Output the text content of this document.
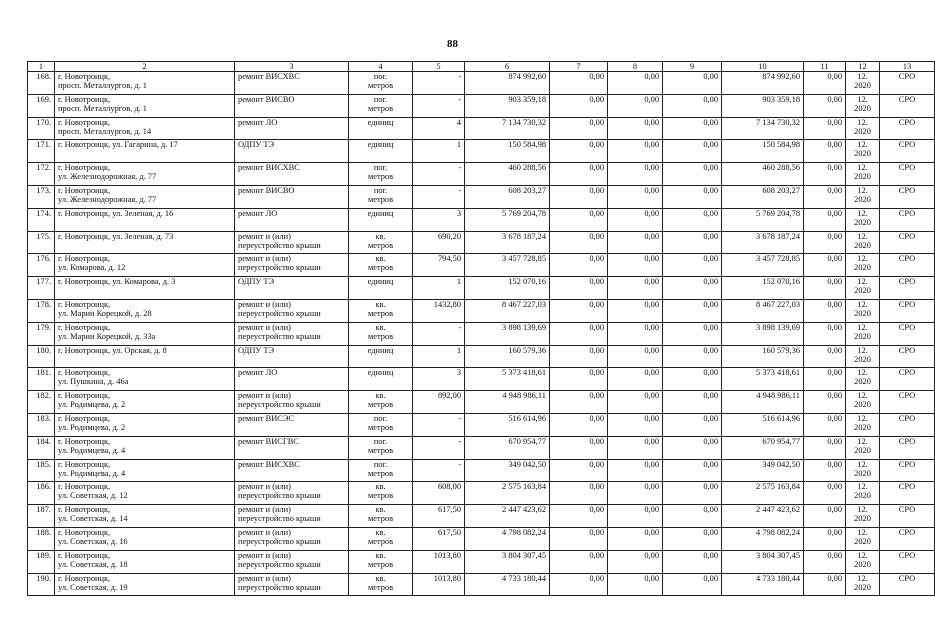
88
1	2	3	4	5	6	7	8	9	10	11	12	13
168.	г. Новотроицк,
просп. Металлургов, д. 1	ремонт ВИСХВС	пог.
метров	-	874 992,60	0,00	0,00	0,00	874 992,60	0,00	12.
2020	СРО
169.	г. Новотроицк,
просп. Металлургов, д. 1	ремонт ВИСВО	пог.
метров	-	903 359,18	0,00	0,00	0,00	903 359,18	0,00	12.
2020	СРО
170.	г. Новотроицк,
просп. Металлургов, д. 14	ремонт ЛО	единиц	4	7 134 730,32	0,00	0,00	0,00	7 134 730,32	0,00	12.
2020	СРО
171.	г. Новотроицк, ул. Гагарина, д. 17	ОДПУ ТЭ	единиц	1	150 584,98	0,00	0,00	0,00	150 584,98	0,00	12.
2020	СРО
172.	г. Новотроицк,
ул. Железнодорожная, д. 77	ремонт ВИСХВС	пог.
метров	-	460 288,56	0,00	0,00	0,00	460 288,56	0,00	12.
2020	СРО
173.	г. Новотроицк,
ул. Железнодорожная, д. 77	ремонт ВИСВО	пог.
метров	-	608 203,27	0,00	0,00	0,00	608 203,27	0,00	12.
2020	СРО
174.	г. Новотроицк, ул. Зеленая, д. 16	ремонт ЛО	единиц	3	5 769 204,78	0,00	0,00	0,00	5 769 204,78	0,00	12.
2020	СРО
175.	г. Новотроицк, ул. Зеленая, д. 73	ремонт и (или)
переустройство крыши	кв.
метров	690,20	3 678 187,24	0,00	0,00	0,00	3 678 187,24	0,00	12.
2020	СРО
176.	г. Новотроицк,
ул. Комарова, д. 12	ремонт и (или)
переустройство крыши	кв.
метров	794,50	3 457 728,85	0,00	0,00	0,00	3 457 728,85	0,00	12.
2020	СРО
177.	г. Новотроицк, ул. Комарова, д. 3	ОДПУ ТЭ	единиц	1	152 070,16	0,00	0,00	0,00	152 070,16	0,00	12.
2020	СРО
178.	г. Новотроицк,
ул. Марии Корецкой, д. 28	ремонт и (или)
переустройство крыши	кв.
метров	1432,80	8 467 227,03	0,00	0,00	0,00	8 467 227,03	0,00	12.
2020	СРО
179.	г. Новотроицк,
ул. Марии Корецкой, д. 33а	ремонт и (или)
переустройство крыши	кв.
метров	-	3 898 139,69	0,00	0,00	0,00	3 898 139,69	0,00	12.
2020	СРО
180.	г. Новотроицк, ул. Орская, д. 8	ОДПУ ТЭ	единиц	1	160 579,36	0,00	0,00	0,00	160 579,36	0,00	12.
2020	СРО
181.	г. Новотроицк,
ул. Пушкина, д. 46а	ремонт ЛО	единиц	3	5 373 418,61	0,00	0,00	0,00	5 373 418,61	0,00	12.
2020	СРО
182.	г. Новотроицк,
ул. Родимцева, д. 2	ремонт и (или)
переустройство крыши	кв.
метров	892,00	4 948 986,11	0,00	0,00	0,00	4 948 986,11	0,00	12.
2020	СРО
183.	г. Новотроицк,
ул. Родимцева, д. 2	ремонт ВИСЭС	пог.
метров	-	516 614,96	0,00	0,00	0,00	516 614,96	0,00	12.
2020	СРО
184.	г. Новотроицк,
ул. Родимцева, д. 4	ремонт ВИСГВС	пог.
метров	-	670 954,77	0,00	0,00	0,00	670 954,77	0,00	12.
2020	СРО
185.	г. Новотроицк,
ул. Родимцева, д. 4	ремонт ВИСХВС	пог.
метров	-	349 042,50	0,00	0,00	0,00	349 042,50	0,00	12.
2020	СРО
186.	г. Новотроицк,
ул. Советская, д. 12	ремонт и (или)
переустройство крыши	кв.
метров	608,00	2 575 163,84	0,00	0,00	0,00	2 575 163,84	0,00	12.
2020	СРО
187.	г. Новотроицк,
ул. Советская, д. 14	ремонт и (или)
переустройство крыши	кв.
метров	617,50	2 447 423,62	0,00	0,00	0,00	2 447 423,62	0,00	12.
2020	СРО
188.	г. Новотроицк,
ул. Советская, д. 16	ремонт и (или)
переустройство крыши	кв.
метров	617,50	4 798 082,24	0,00	0,00	0,00	4 798 082,24	0,00	12.
2020	СРО
189.	г. Новотроицк,
ул. Советская, д. 18	ремонт и (или)
переустройство крыши	кв.
метров	1013,80	3 804 307,45	0,00	0,00	0,00	3 804 307,45	0,00	12.
2020	СРО
190.	г. Новотроицк,
ул. Советская, д. 19	ремонт и (или)
переустройство крыши	кв.
метров	1013,80	4 733 180,44	0,00	0,00	0,00	4 733 180,44	0,00	12.
2020	СРО
